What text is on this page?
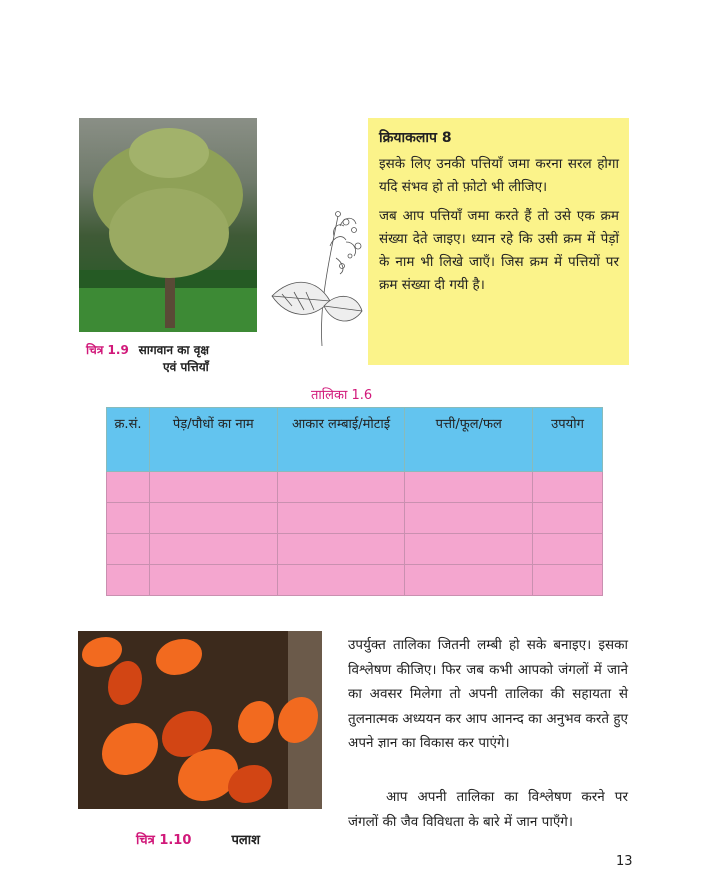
चित्र 1.9 सागवान का वृक्ष
एवं पत्तियाँ
क्रियाकलाप 8

इसके लिए उनकी पत्तियाँ जमा करना सरल होगा यदि संभव हो तो फ़ोटो भी लीजिए।

जब आप पत्तियाँ जमा करते हैं तो उसे एक क्रम संख्या देते जाइए। ध्यान रहे कि उसी क्रम में पेड़ों के नाम भी लिखे जाएँ। जिस क्रम में पत्तियों पर क्रम संख्या दी गयी है।

तालिका 1.6
क्र.सं.	पेड़/पौधों का नाम	आकार लम्बाई/मोटाई	पत्ती/फूल/फल	उपयोग

चित्र 1.10	पलाश

उपर्युक्त तालिका जितनी लम्बी हो सके बनाइए। इसका विश्लेषण कीजिए। फिर जब कभी आपको जंगलों में जाने का अवसर मिलेगा तो अपनी तालिका की सहायता से तुलनात्मक अध्ययन कर आप आनन्द का अनुभव करते हुए अपने ज्ञान का विकास कर पाएंगे।

आप अपनी तालिका का विश्लेषण करने पर जंगलों की जैव विविधता के बारे में जान पाएँगे।

13
